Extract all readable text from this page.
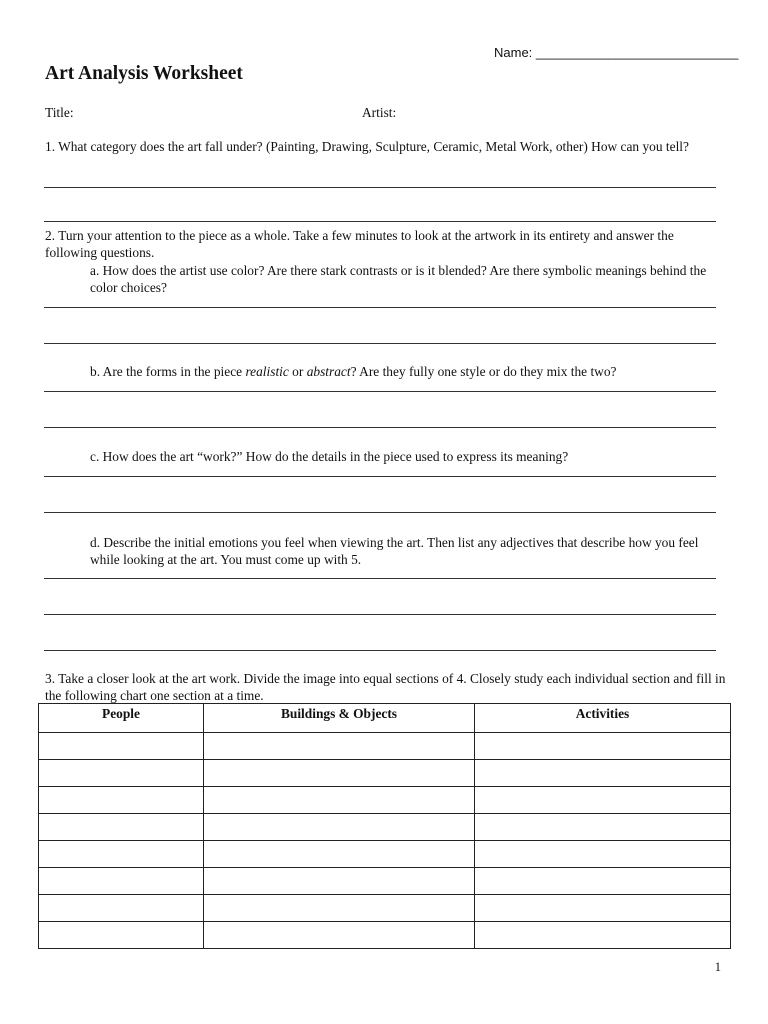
Name: ____________________________
Art Analysis Worksheet
Title:	Artist:
1. What category does the art fall under? (Painting, Drawing, Sculpture, Ceramic, Metal Work, other) How can you tell?
2. Turn your attention to the piece as a whole. Take a few minutes to look at the artwork in its entirety and answer the following questions.
a. How does the artist use color? Are there stark contrasts or is it blended? Are there symbolic meanings behind the color choices?
b. Are the forms in the piece realistic or abstract? Are they fully one style or do they mix the two?
c. How does the art “work?” How do the details in the piece used to express its meaning?
d. Describe the initial emotions you feel when viewing the art. Then list any adjectives that describe how you feel while looking at the art. You must come up with 5.
3. Take a closer look at the art work. Divide the image into equal sections of 4. Closely study each individual section and fill in the following chart one section at a time.
People	Buildings & Objects	Activities

1
